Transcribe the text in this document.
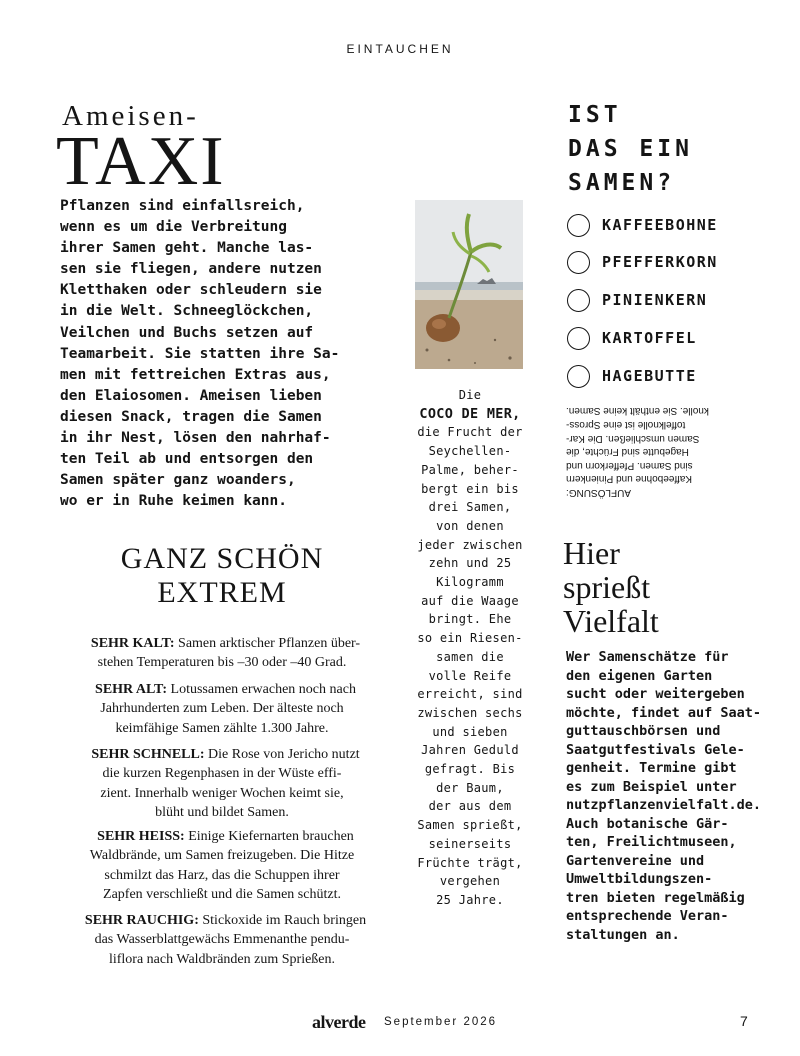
EINTAUCHEN
Ameisen-
TAXI
Pflanzen sind einfallsreich,
wenn es um die Verbreitung
ihrer Samen geht. Manche las-
sen sie fliegen, andere nutzen
Kletthaken oder schleudern sie
in die Welt. Schneeglöckchen,
Veilchen und Buchs setzen auf
Teamarbeit. Sie statten ihre Sa-
men mit fettreichen Extras aus,
den Elaiosomen. Ameisen lieben
diesen Snack, tragen die Samen
in ihr Nest, lösen den nahrhaf-
ten Teil ab und entsorgen den
Samen später ganz woanders,
wo er in Ruhe keimen kann.
GANZ SCHÖN
EXTREM

SEHR KALT: Samen arktischer Pflanzen über-
stehen Temperaturen bis –30 oder –40 Grad.

SEHR ALT: Lotussamen erwachen noch nach
Jahrhunderten zum Leben. Der älteste noch
keimfähige Samen zählte 1.300 Jahre.

SEHR SCHNELL: Die Rose von Jericho nutzt
die kurzen Regenphasen in der Wüste effi-
zient. Innerhalb weniger Wochen keimt sie,
blüht und bildet Samen.

SEHR HEISS: Einige Kiefernarten brauchen
Waldbrände, um Samen freizugeben. Die Hitze
schmilzt das Harz, das die Schuppen ihrer
Zapfen verschließt und die Samen schützt.

SEHR RAUCHIG: Stickoxide im Rauch bringen
das Wasserblattgewächs Emmenanthe pendu-
liflora nach Waldbränden zum Sprießen.

Die
COCO DE MER,
die Frucht der
Seychellen-
Palme, beher-
bergt ein bis
drei Samen,
von denen
jeder zwischen
zehn und 25
Kilogramm
auf die Waage
bringt. Ehe
so ein Riesen-
samen die
volle Reife
erreicht, sind
zwischen sechs
und sieben
Jahren Geduld
gefragt. Bis
der Baum,
der aus dem
Samen sprießt,
seinerseits
Früchte trägt,
vergehen
25 Jahre.
IST
DAS EIN
SAMEN?
KAFFEEBOHNE
PFEFFERKORN
PINIENKERN
KARTOFFEL
HAGEBUTTE
AUFLÖSUNG:
Kaffeebohne und Pinienkern
sind Samen. Pfefferkorn und
Hagebutte sind Früchte, die
Samen umschließen. Die Kar-
toffelknolle ist eine Spross-
knolle. Sie enthält keine Samen.
Hier
sprießt
Vielfalt
Wer Samenschätze für
den eigenen Garten
sucht oder weitergeben
möchte, findet auf Saat-
guttauschbörsen und
Saatgutfestivals Gele-
genheit. Termine gibt
es zum Beispiel unter
nutzpflanzenvielfalt.de.
Auch botanische Gär-
ten, Freilichtmuseen,
Gartenvereine und
Umweltbildungszen-
tren bieten regelmäßig
entsprechende Veran-
staltungen an.
alverde September 2026	7
